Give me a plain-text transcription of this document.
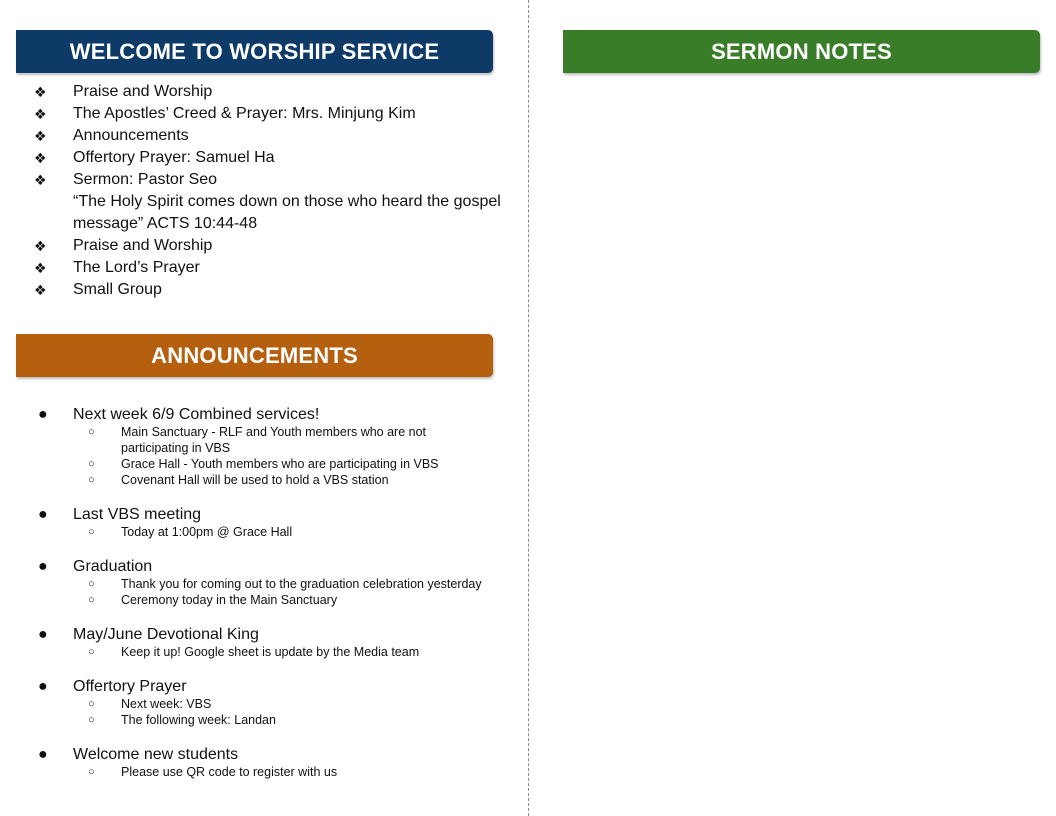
WELCOME TO WORSHIP SERVICE
❖ Praise and Worship
❖ The Apostles’ Creed & Prayer: Mrs. Minjung Kim
❖ Announcements
❖ Offertory Prayer: Samuel Ha
❖ Sermon: Pastor Seo
“The Holy Spirit comes down on those who heard the gospel
message” ACTS 10:44-48
❖ Praise and Worship
❖ The Lord’s Prayer
❖ Small Group
ANNOUNCEMENTS
● Next week 6/9 Combined services!
○ Main Sanctuary - RLF and Youth members who are not
participating in VBS
○ Grace Hall - Youth members who are participating in VBS
○ Covenant Hall will be used to hold a VBS station
● Last VBS meeting
○ Today at 1:00pm @ Grace Hall
● Graduation
○ Thank you for coming out to the graduation celebration yesterday
○ Ceremony today in the Main Sanctuary
● May/June Devotional King
○ Keep it up! Google sheet is update by the Media team
● Offertory Prayer
○ Next week: VBS
○ The following week: Landan
● Welcome new students
○ Please use QR code to register with us
SERMON NOTES
